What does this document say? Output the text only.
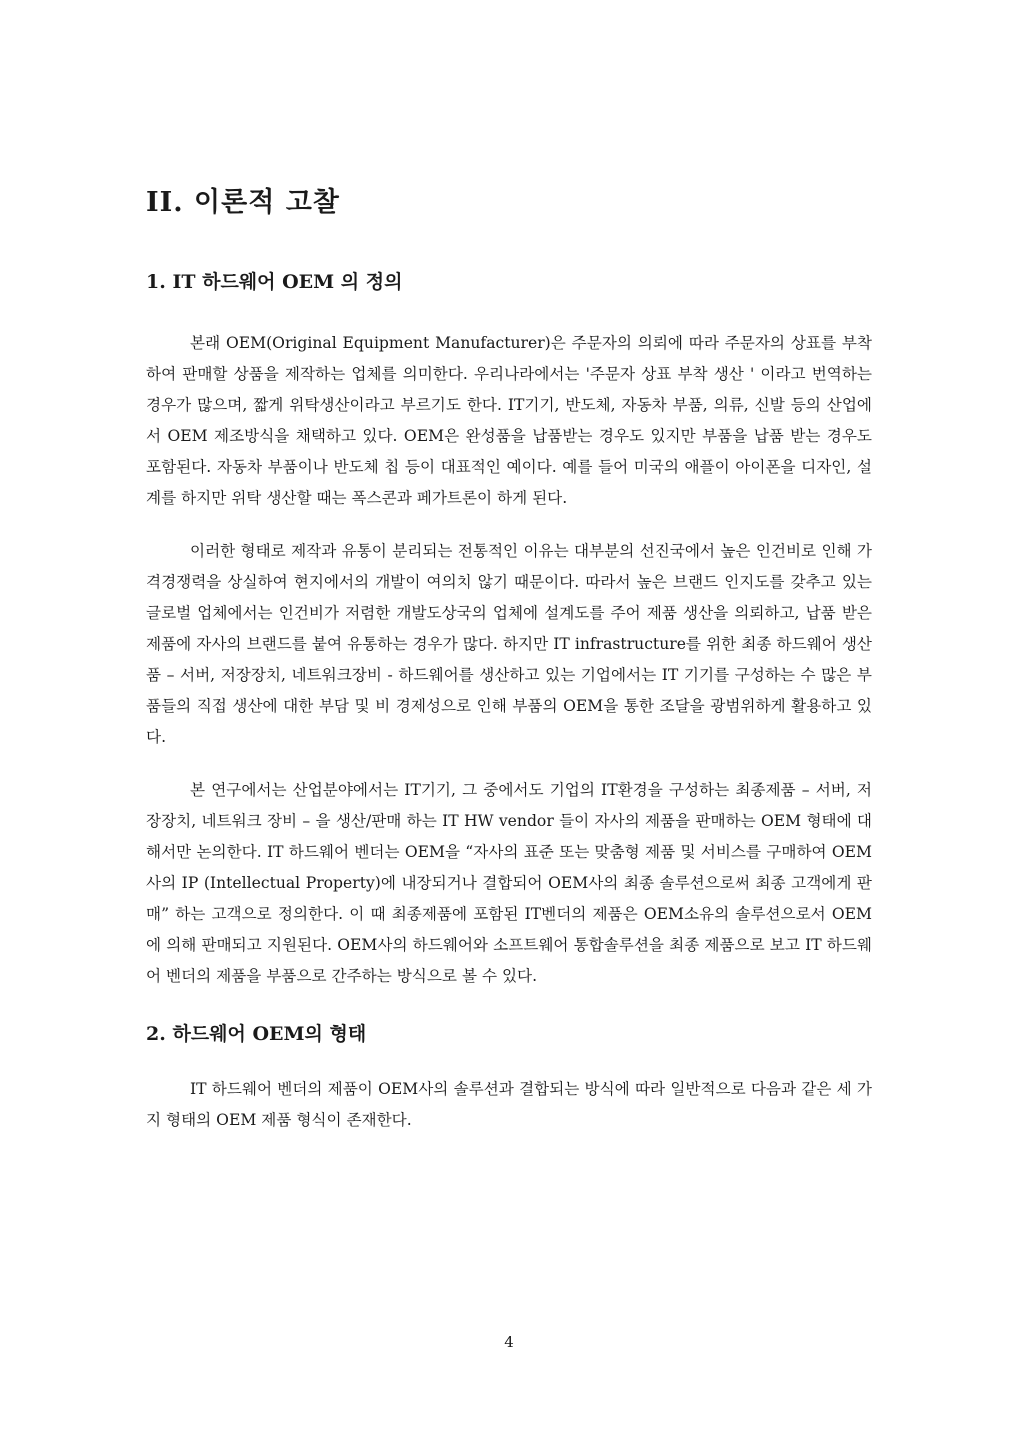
II. 이론적 고찰
1. IT 하드웨어 OEM 의 정의

본래 OEM(Original Equipment Manufacturer)은 주문자의 의뢰에 따라 주문자의 상표를 부착하여 판매할 상품을 제작하는 업체를 의미한다. 우리나라에서는 '주문자 상표 부착 생산 ' 이라고 번역하는 경우가 많으며, 짧게 위탁생산이라고 부르기도 한다. IT기기, 반도체, 자동차 부품, 의류, 신발 등의 산업에서 OEM 제조방식을 채택하고 있다. OEM은 완성품을 납품받는 경우도 있지만 부품을 납품 받는 경우도 포함된다. 자동차 부품이나 반도체 칩 등이 대표적인 예이다. 예를 들어 미국의 애플이 아이폰을 디자인, 설계를 하지만 위탁 생산할 때는 폭스콘과 페가트론이 하게 된다.

이러한 형태로 제작과 유통이 분리되는 전통적인 이유는 대부분의 선진국에서 높은 인건비로 인해 가격경쟁력을 상실하여 현지에서의 개발이 여의치 않기 때문이다. 따라서 높은 브랜드 인지도를 갖추고 있는 글로벌 업체에서는 인건비가 저렴한 개발도상국의 업체에 설계도를 주어 제품 생산을 의뢰하고, 납품 받은 제품에 자사의 브랜드를 붙여 유통하는 경우가 많다. 하지만 IT infrastructure를 위한 최종 하드웨어 생산품 – 서버, 저장장치, 네트워크장비 - 하드웨어를 생산하고 있는 기업에서는 IT 기기를 구성하는 수 많은 부품들의 직접 생산에 대한 부담 및 비 경제성으로 인해 부품의 OEM을 통한 조달을 광범위하게 활용하고 있다.

본 연구에서는 산업분야에서는 IT기기, 그 중에서도 기업의 IT환경을 구성하는 최종제품 – 서버, 저장장치, 네트워크 장비 – 을 생산/판매 하는 IT HW vendor 들이 자사의 제품을 판매하는 OEM 형태에 대해서만 논의한다. IT 하드웨어 벤더는 OEM을 “자사의 표준 또는 맞춤형 제품 및 서비스를 구매하여 OEM사의 IP (Intellectual Property)에 내장되거나 결합되어 OEM사의 최종 솔루션으로써 최종 고객에게 판매” 하는 고객으로 정의한다. 이 때 최종제품에 포함된 IT벤더의 제품은 OEM소유의 솔루션으로서 OEM에 의해 판매되고 지원된다. OEM사의 하드웨어와 소프트웨어 통합솔루션을 최종 제품으로 보고 IT 하드웨어 벤더의 제품을 부품으로 간주하는 방식으로 볼 수 있다.

2. 하드웨어 OEM의 형태

IT 하드웨어 벤더의 제품이 OEM사의 솔루션과 결합되는 방식에 따라 일반적으로 다음과 같은 세 가지 형태의 OEM 제품 형식이 존재한다.

4
